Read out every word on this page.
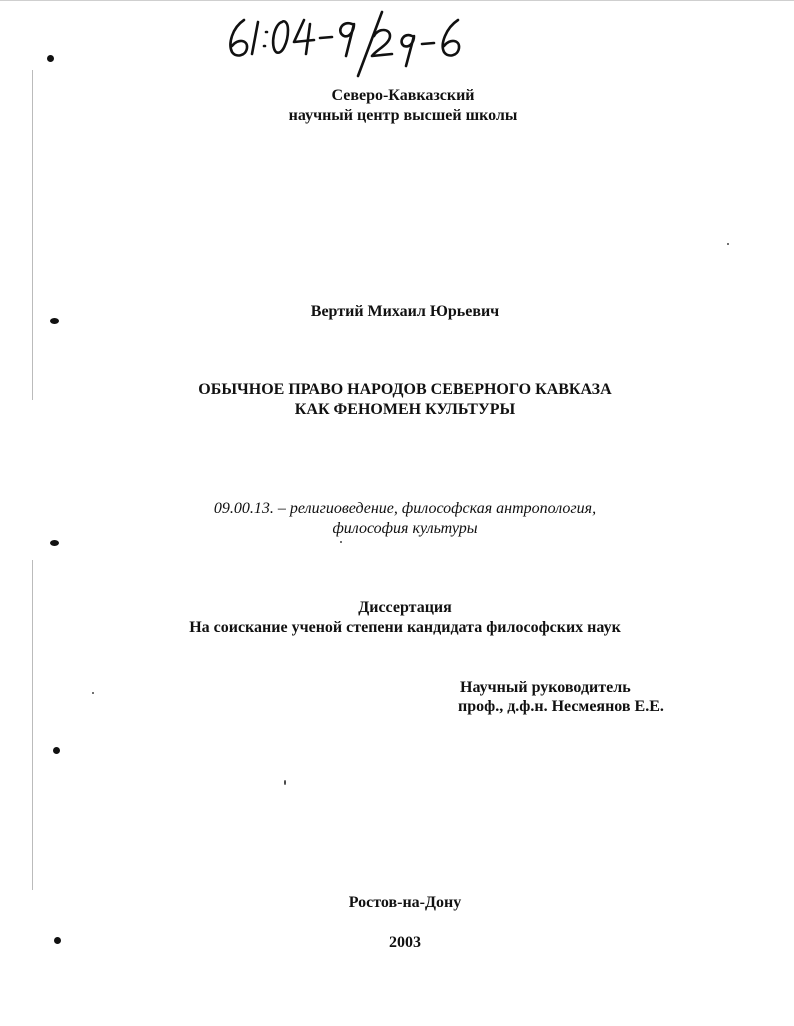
Северо-Кавказский
научный центр высшей школы
Вертий Михаил Юрьевич
ОБЫЧНОЕ ПРАВО НАРОДОВ СЕВЕРНОГО КАВКАЗА
КАК ФЕНОМЕН КУЛЬТУРЫ
09.00.13. – религиоведение, философская антропология,
философия культуры
Диссертация
На соискание ученой степени кандидата философских наук
Научный руководитель
проф., д.ф.н. Несмеянов Е.Е.
Ростов-на-Дону
2003
